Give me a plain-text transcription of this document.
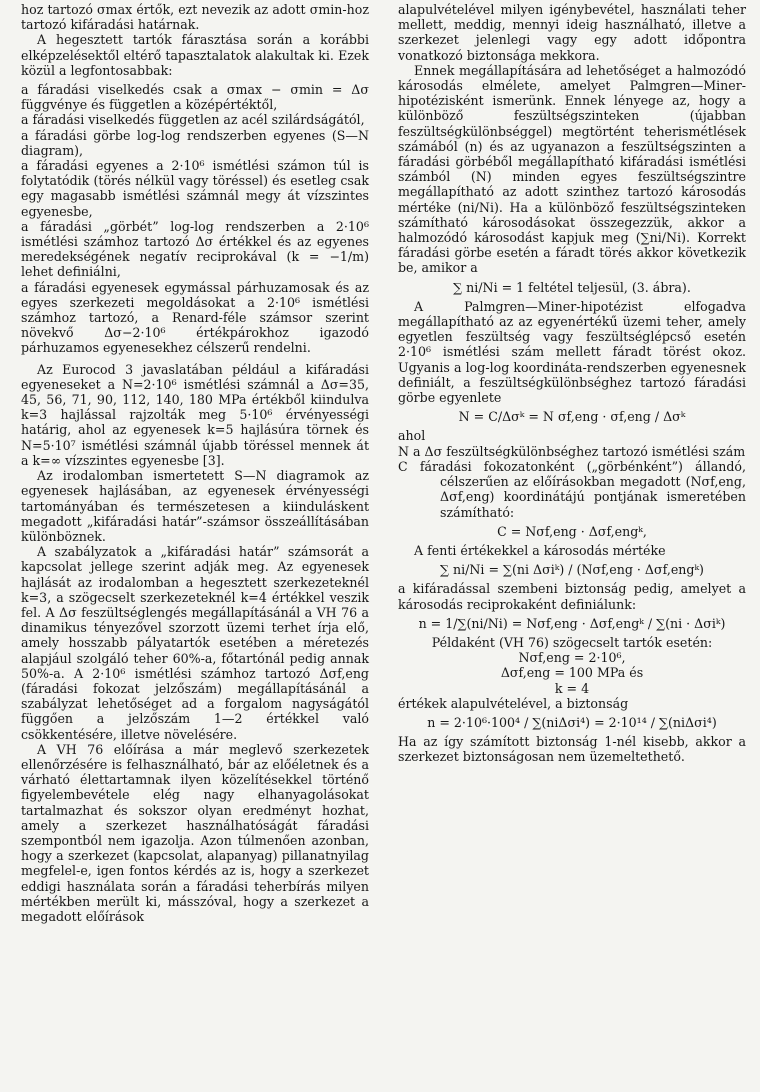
hoz tartozó σmax értők, ezt nevezik az adott σmin-hoz tartozó kifáradási határnak.

A hegesztett tartók fárasztása során a korábbi elképzelésektől eltérő tapasztalatok alakultak ki. Ezek közül a legfontosabbak:

a fáradási viselkedés csak a σmax − σmin = Δσ függvénye és független a középértéktől,

a fáradási viselkedés független az acél szilárdságától,

a fáradási görbe log-log rendszerben egyenes (S—N diagram),

a fáradási egyenes a 2·10⁶ ismétlési számon túl is folytatódik (törés nélkül vagy töréssel) és esetleg csak egy magasabb ismétlési számnál megy át vízszintes egyenesbe,

a fáradási „görbét” log-log rendszerben a 2·10⁶ ismétlési számhoz tartozó Δσ értékkel és az egyenes meredekségének negatív reciprokával (k = −1/m) lehet definiálni,

a fáradási egyenesek egymással párhuzamosak és az egyes szerkezeti megoldásokat a 2·10⁶ ismétlési számhoz tartozó, a Renard-féle számsor szerint növekvő Δσ−2·10⁶ értékpárokhoz igazodó párhuzamos egyenesekhez célszerű rendelni.

Az Eurocod 3 javaslatában például a kifáradási egyeneseket a N=2·10⁶ ismétlési számnál a Δσ=35, 45, 56, 71, 90, 112, 140, 180 MPa értékből kiindulva k=3 hajlással rajzolták meg 5·10⁶ érvényességi határig, ahol az egyenesek k=5 hajlásúra törnek és N=5·10⁷ ismétlési számnál újabb töréssel mennek át a k=∞ vízszintes egyenesbe [3].

Az irodalomban ismertetett S—N diagramok az egyenesek hajlásában, az egyenesek érvényességi tartományában és természetesen a kiinduláskent megadott „kifáradási határ”-számsor összeállításában különböznek.

A szabályzatok a „kifáradási határ” számsorát a kapcsolat jellege szerint adják meg. Az egyenesek hajlását az irodalomban a hegesztett szerkezeteknél k=3, a szögecselt szerkezeteknél k=4 értékkel veszik fel. A Δσ feszültséglengés megállapításánál a VH 76 a dinamikus tényezővel szorzott üzemi terhet írja elő, amely hosszabb pályatartók esetében a méretezés alapjául szolgáló teher 60%-a, főtartónál pedig annak 50%-a. A 2·10⁶ ismétlési számhoz tartozó Δσf,eng (fáradási fokozat jelzőszám) megállapításánál a szabályzat lehetőséget ad a forgalom nagyságától függően a jelzőszám 1—2 értékkel való csökkentésére, illetve növelésére.

A VH 76 előírása a már meglevő szerkezetek ellenőrzésére is felhasználható, bár az előéletnek és a várható élettartamnak ilyen közelítésekkel történő figyelembevétele elég nagy elhanyagolásokat tartalmazhat és sokszor olyan eredményt hozhat, amely a szerkezet használhatóságát fáradási szempontból nem igazolja. Azon túlmenően azonban, hogy a szerkezet (kapcsolat, alapanyag) pillanatnyilag megfelel-e, igen fontos kérdés az is, hogy a szerkezet eddigi használata során a fáradási teherbírás milyen mértékben merült ki, másszóval, hogy a szerkezet a megadott előírások

alapulvételével milyen igénybevétel, használati teher mellett, meddig, mennyi ideig használható, illetve a szerkezet jelenlegi vagy egy adott időpontra vonatkozó biztonsága mekkora.

Ennek megállapítására ad lehetőséget a halmozódó károsodás elmélete, amelyet Palmgren—Miner-hipotézisként ismerünk. Ennek lényege az, hogy a különböző feszültségszinteken (újabban feszültségkülönbséggel) megtörtént teherismétlések számából (n) és az ugyanazon a feszültségszinten a fáradási görbéből megállapítható kifáradási ismétlési számból (N) minden egyes feszültségszintre megállapítható az adott szinthez tartozó károsodás mértéke (ni/Ni). Ha a különböző feszültségszinteken számítható károsodásokat összegezzük, akkor a halmozódó károsodást kapjuk meg (∑ni/Ni). Korrekt fáradási görbe esetén a fáradt törés akkor következik be, amikor a

∑ ni/Ni = 1 feltétel teljesül, (3. ábra).

A Palmgren—Miner-hipotézist elfogadva megállapítható az az egyenértékű üzemi teher, amely egyetlen feszültség vagy feszültséglépcső esetén 2·10⁶ ismétlési szám mellett fáradt törést okoz. Ugyanis a log-log koordináta-rendszerben egyenesnek definiált, a feszültségkülönbséghez tartozó fáradási görbe egyenlete

N = C/Δσᵏ = N σf,eng · σf,eng / Δσᵏ

ahol

N a Δσ feszültségkülönbséghez tartozó ismétlési szám

C fáradási fokozatonként („görbénként”) állandó, célszerűen az előírásokban megadott (Nσf,eng, Δσf,eng) koordinátájú pontjának ismeretében számítható:

C = Nσf,eng · Δσf,engᵏ,

A fenti értékekkel a károsodás mértéke

∑ ni/Ni = ∑(ni Δσiᵏ) / (Nσf,eng · Δσf,engᵏ)

a kifáradással szembeni biztonság pedig, amelyet a károsodás reciprokaként definiálunk:

n = 1/∑(ni/Ni) = Nσf,eng · Δσf,engᵏ / ∑(ni · Δσiᵏ)

Példaként (VH 76) szögecselt tartók esetén:

Nσf,eng = 2·10⁶,

Δσf,eng = 100 MPa és

k = 4

értékek alapulvételével, a biztonság

n = 2·10⁶·100⁴ / ∑(niΔσi⁴) = 2·10¹⁴ / ∑(niΔσi⁴)

Ha az így számított biztonság 1-nél kisebb, akkor a szerkezet biztonságosan nem üzemeltethető.
